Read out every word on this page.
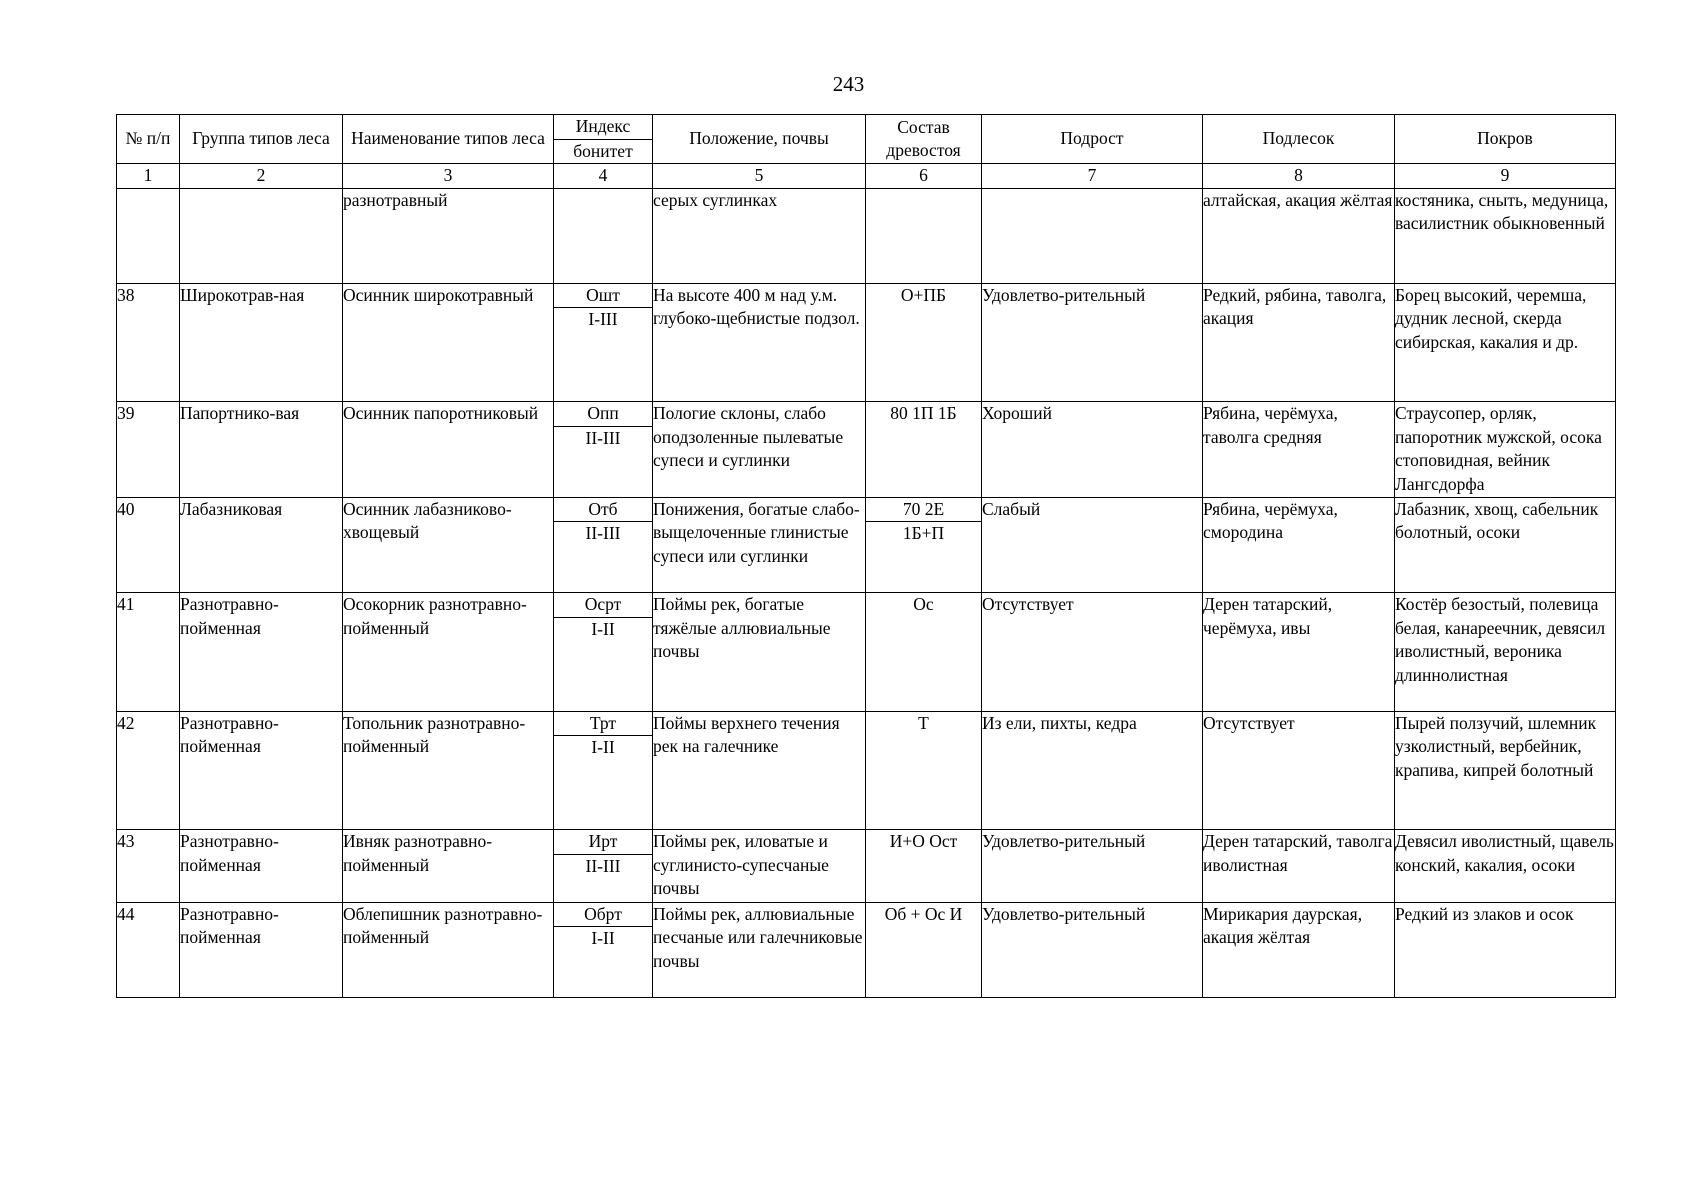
243
№ п/п	Группа типов леса	Наименование типов леса	Индекс	Положение, почвы	Состав древостоя	Подрост	Подлесок	Покров
			бонитет					
1	2	3	4	5	6	7	8	9
		разнотравный		серых суглинках			алтайская, акация жёлтая	костяника, сныть, медуница, василистник обыкновенный
38	Широкотрав-ная	Осинник широкотравный	Ошт	На высоте 400 м над у.м. глубоко-щебнистые подзол.	О+ПБ	Удовлетво-рительный	Редкий, рябина, таволга, акация	Борец высокий, черемша, дудник лесной, скерда сибирская, какалия и др.
			I-III					
39	Папортнико-вая	Осинник папоротниковый	Опп	Пологие склоны, слабо оподзоленные пылеватые супеси и суглинки	80 1П 1Б	Хороший	Рябина, черёмуха, таволга средняя	Страусопер, орляк, папоротник мужской, осока стоповидная, вейник Лангсдорфа
			II-III					
40	Лабазниковая	Осинник лабазниково-хвощевый	Отб	Понижения, богатые слабо-выщелоченные глинистые супеси или суглинки	70 2Е	Слабый	Рябина, черёмуха, смородина	Лабазник, хвощ, сабельник болотный, осоки
			II-III		1Б+П			
41	Разнотравно-пойменная	Осокорник разнотравно-пойменный	Осрт	Поймы рек, богатые тяжёлые аллювиальные почвы	Ос	Отсутствует	Дерен татарский, черёмуха, ивы	Костёр безостый, полевица белая, канареечник, девясил иволистный, вероника длиннолистная
			I-II					
42	Разнотравно-пойменная	Топольник разнотравно-пойменный	Трт	Поймы верхнего течения рек на галечнике	Т	Из ели, пихты, кедра	Отсутствует	Пырей ползучий, шлемник узколистный, вербейник, крапива, кипрей болотный
			I-II					
43	Разнотравно-пойменная	Ивняк разнотравно-пойменный	Ирт	Поймы рек, иловатые и суглинисто-супесчаные почвы	И+О Ост	Удовлетво-рительный	Дерен татарский, таволга иволистная	Девясил иволистный, щавель конский, какалия, осоки
			II-III					
44	Разнотравно-пойменная	Облепишник разнотравно-пойменный	Обрт	Поймы рек, аллювиальные песчаные или галечниковые почвы	Об + Ос И	Удовлетво-рительный	Мирикария даурская, акация жёлтая	Редкий из злаков и осок
			I-II					
